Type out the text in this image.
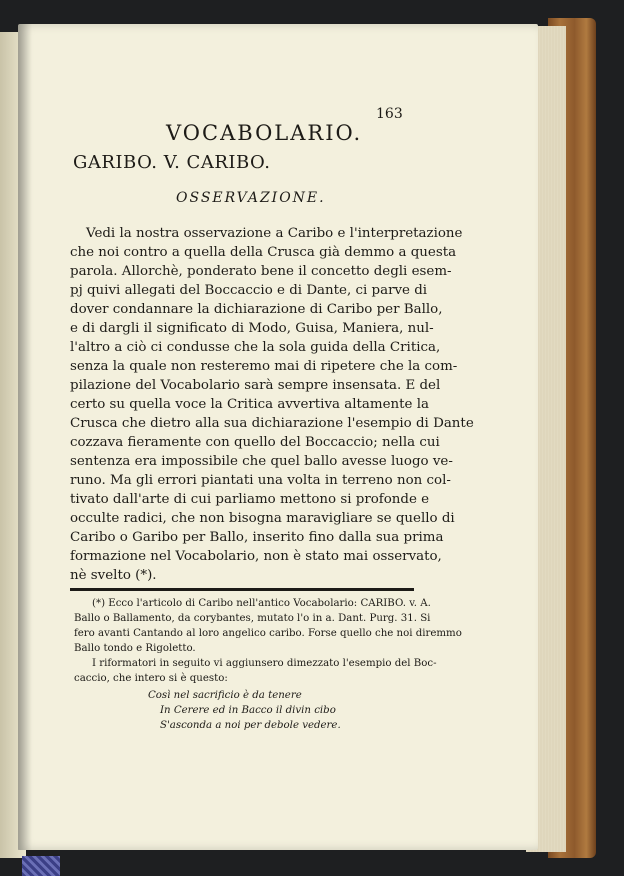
163
VOCABOLARIO.
GARIBO. V. CARIBO.
OSSERVAZIONE.
Vedi la nostra osservazione a Caribo e l'interpretazione
che noi contro a quella della Crusca già demmo a questa
parola. Allorchè, ponderato bene il concetto degli esem-
pj quivi allegati del Boccaccio e di Dante, ci parve di
dover condannare la dichiarazione di Caribo per Ballo,
e di dargli il significato di Modo, Guisa, Maniera, nul-
l'altro a ciò ci condusse che la sola guida della Critica,
senza la quale non resteremo mai di ripetere che la com-
pilazione del Vocabolario sarà sempre insensata. E del
certo su quella voce la Critica avvertiva altamente la
Crusca che dietro alla sua dichiarazione l'esempio di Dante
cozzava fieramente con quello del Boccaccio; nella cui
sentenza era impossibile che quel ballo avesse luogo ve-
runo. Ma gli errori piantati una volta in terreno non col-
tivato dall'arte di cui parliamo mettono si profonde e
occulte radici, che non bisogna maravigliare se quello di
Caribo o Garibo per Ballo, inserito fino dalla sua prima
formazione nel Vocabolario, non è stato mai osservato,
nè svelto (*).
(*) Ecco l'articolo di Caribo nell'antico Vocabolario: CARIBO. v. A.
Ballo o Ballamento, da corybantes, mutato l'o in a. Dant. Purg. 31. Si
fero avanti Cantando al loro angelico caribo. Forse quello che noi diremmo
Ballo tondo e Rigoletto.
I riformatori in seguito vi aggiunsero dimezzato l'esempio del Boc-
caccio, che intero si è questo:
Così nel sacrificio è da tenere
In Cerere ed in Bacco il divin cibo
S'asconda a noi per debole vedere.
